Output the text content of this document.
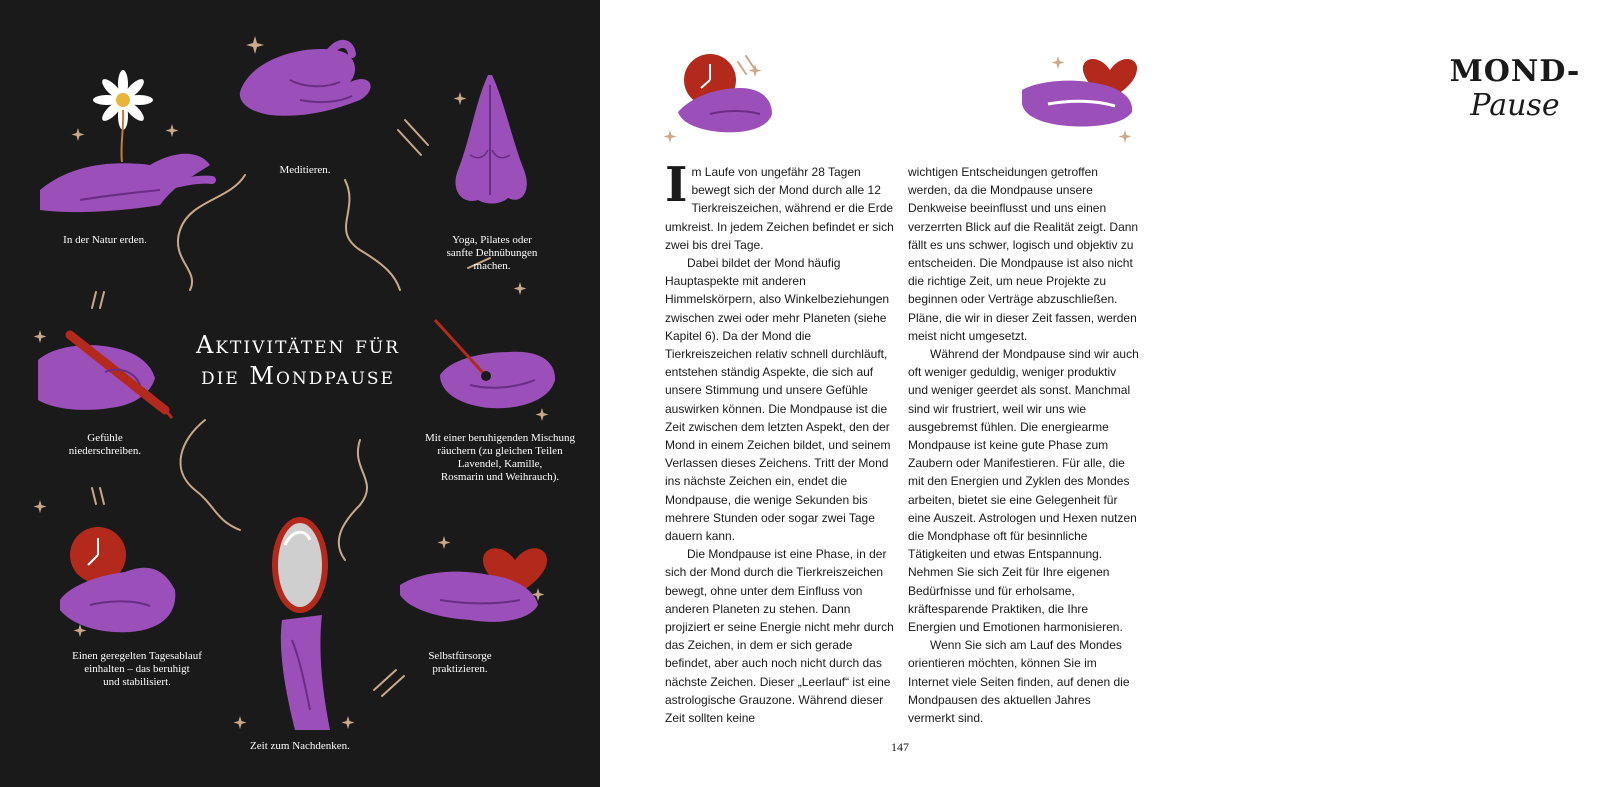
Aktivitäten für
die Mondpause

Meditieren.

In der Natur erden.	Yoga, Pilates oder
sanfte Dehnübungen
machen.

Gefühle
niederschreiben.

Mit einer beruhigenden Mischung
räuchern (zu gleichen Teilen
Lavendel, Kamille,
Rosmarin und Weihrauch).

Einen geregelten Tagesablauf
einhalten – das beruhigt
und stabilisiert.

Selbstfürsorge
praktizieren.

Zeit zum Nachdenken.

MOND-
Pause

Im Laufe von ungefähr 28 Tagen bewegt sich der Mond durch alle 12 Tierkreiszeichen, während er die Erde umkreist. In jedem Zeichen befindet er sich zwei bis drei Tage.

Dabei bildet der Mond häufig Hauptaspekte mit anderen Himmelskörpern, also Winkelbeziehungen zwischen zwei oder mehr Planeten (siehe Kapitel 6). Da der Mond die Tierkreiszeichen relativ schnell durchläuft, entstehen ständig Aspekte, die sich auf unsere Stimmung und unsere Gefühle auswirken können. Die Mondpause ist die Zeit zwischen dem letzten Aspekt, den der Mond in einem Zeichen bildet, und seinem Verlassen dieses Zeichens. Tritt der Mond ins nächste Zeichen ein, endet die Mondpause, die wenige Sekunden bis mehrere Stunden oder sogar zwei Tage dauern kann.

Die Mondpause ist eine Phase, in der sich der Mond durch die Tierkreiszeichen bewegt, ohne unter dem Einfluss von anderen Planeten zu stehen. Dann projiziert er seine Energie nicht mehr durch das Zeichen, in dem er sich gerade befindet, aber auch noch nicht durch das nächste Zeichen. Dieser „Leerlauf“ ist eine astrologische Grauzone. Während dieser Zeit sollten keine

wichtigen Entscheidungen getroffen werden, da die Mondpause unsere Denkweise beeinflusst und uns einen verzerrten Blick auf die Realität zeigt. Dann fällt es uns schwer, logisch und objektiv zu entscheiden. Die Mondpause ist also nicht die richtige Zeit, um neue Projekte zu beginnen oder Verträge abzuschließen. Pläne, die wir in dieser Zeit fassen, werden meist nicht umgesetzt.

Während der Mondpause sind wir auch oft weniger geduldig, weniger produktiv und weniger geerdet als sonst. Manchmal sind wir frustriert, weil wir uns wie ausgebremst fühlen. Die energiearme Mondpause ist keine gute Phase zum Zaubern oder Manifestieren. Für alle, die mit den Energien und Zyklen des Mondes arbeiten, bietet sie eine Gelegenheit für eine Auszeit. Astrologen und Hexen nutzen die Mondphase oft für besinnliche Tätigkeiten und etwas Entspannung. Nehmen Sie sich Zeit für Ihre eigenen Bedürfnisse und für erholsame, kräftesparende Praktiken, die Ihre Energien und Emotionen harmonisieren.

Wenn Sie sich am Lauf des Mondes orientieren möchten, können Sie im Internet viele Seiten finden, auf denen die Mondpausen des aktuellen Jahres vermerkt sind.

147
